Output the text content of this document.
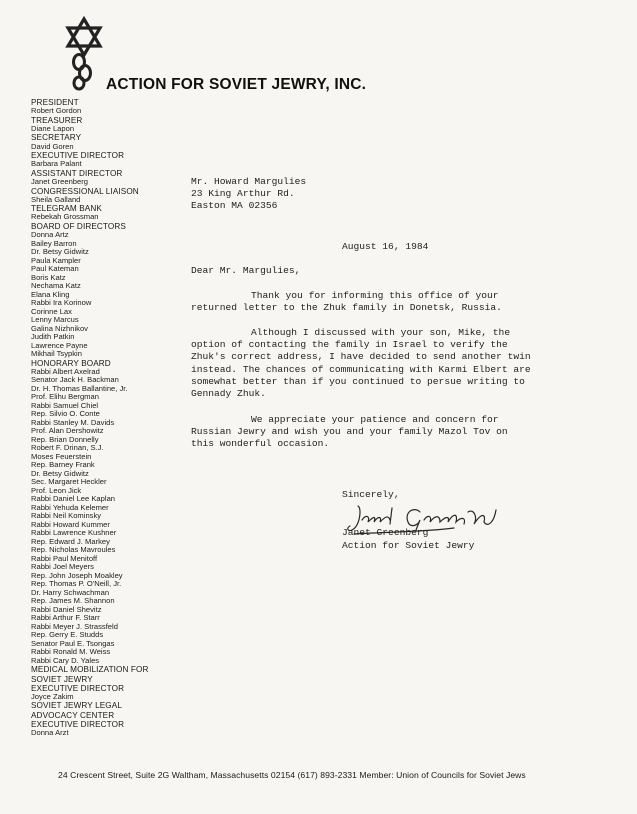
ACTION FOR SOVIET JEWRY, INC.
PRESIDENT
Robert Gordon
TREASURER
Diane Lapon
SECRETARY
David Goren
EXECUTIVE DIRECTOR
Barbara Palant
ASSISTANT DIRECTOR
Janet Greenberg
CONGRESSIONAL LIAISON
Sheila Galland
TELEGRAM BANK
Rebekah Grossman
BOARD OF DIRECTORS
Donna Artz
Bailey Barron
Dr. Betsy Gidwitz
Paula Kampler
Paul Kateman
Boris Katz
Nechama Katz
Elana Kling
Rabbi Ira Korinow
Corinne Lax
Lenny Marcus
Galina Nizhnikov
Judith Patkin
Lawrence Payne
Mikhail Tsypkin
HONORARY BOARD
Rabbi Albert Axelrad
Senator Jack H. Backman
Dr. H. Thomas Ballantine, Jr.
Prof. Elihu Bergman
Rabbi Samuel Chiel
Rep. Silvio O. Conte
Rabbi Stanley M. Davids
Prof. Alan Dershowitz
Rep. Brian Donnelly
Robert F. Drinan, S.J.
Moses Feuerstein
Rep. Barney Frank
Dr. Betsy Gidwitz
Sec. Margaret Heckler
Prof. Leon Jick
Rabbi Daniel Lee Kaplan
Rabbi Yehuda Kelemer
Rabbi Neil Kominsky
Rabbi Howard Kummer
Rabbi Lawrence Kushner
Rep. Edward J. Markey
Rep. Nicholas Mavroules
Rabbi Paul Menitoff
Rabbi Joel Meyers
Rep. John Joseph Moakley
Rep. Thomas P. O'Neill, Jr.
Dr. Harry Schwachman
Rep. James M. Shannon
Rabbi Daniel Shevitz
Rabbi Arthur F. Starr
Rabbi Meyer J. Strassfeld
Rep. Gerry E. Studds
Senator Paul E. Tsongas
Rabbi Ronald M. Weiss
Rabbi Cary D. Yales
MEDICAL MOBILIZATION FOR SOVIET JEWRY
EXECUTIVE DIRECTOR
Joyce Zakim
SOVIET JEWRY LEGAL ADVOCACY CENTER
EXECUTIVE DIRECTOR
Donna Arzt
Mr. Howard Margulies
23 King Arthur Rd.
Easton MA 02356
August 16, 1984
Dear Mr. Margulies,

Thank you for informing this office of your returned letter to the Zhuk family in Donetsk, Russia.

Although I discussed with your son, Mike, the option of contacting the family in Israel to verify the Zhuk's correct address, I have decided to send another twin instead. The chances of communicating with Karmi Elbert are somewhat better than if you continued to persue writing to Gennady Zhuk.

We appreciate your patience and concern for Russian Jewry and wish you and your family Mazol Tov on this wonderful occasion.

Sincerely,
Janet Greenberg
Action for Soviet Jewry
24 Crescent Street, Suite 2G Waltham, Massachusetts 02154 (617) 893-2331 Member: Union of Councils for Soviet Jews
